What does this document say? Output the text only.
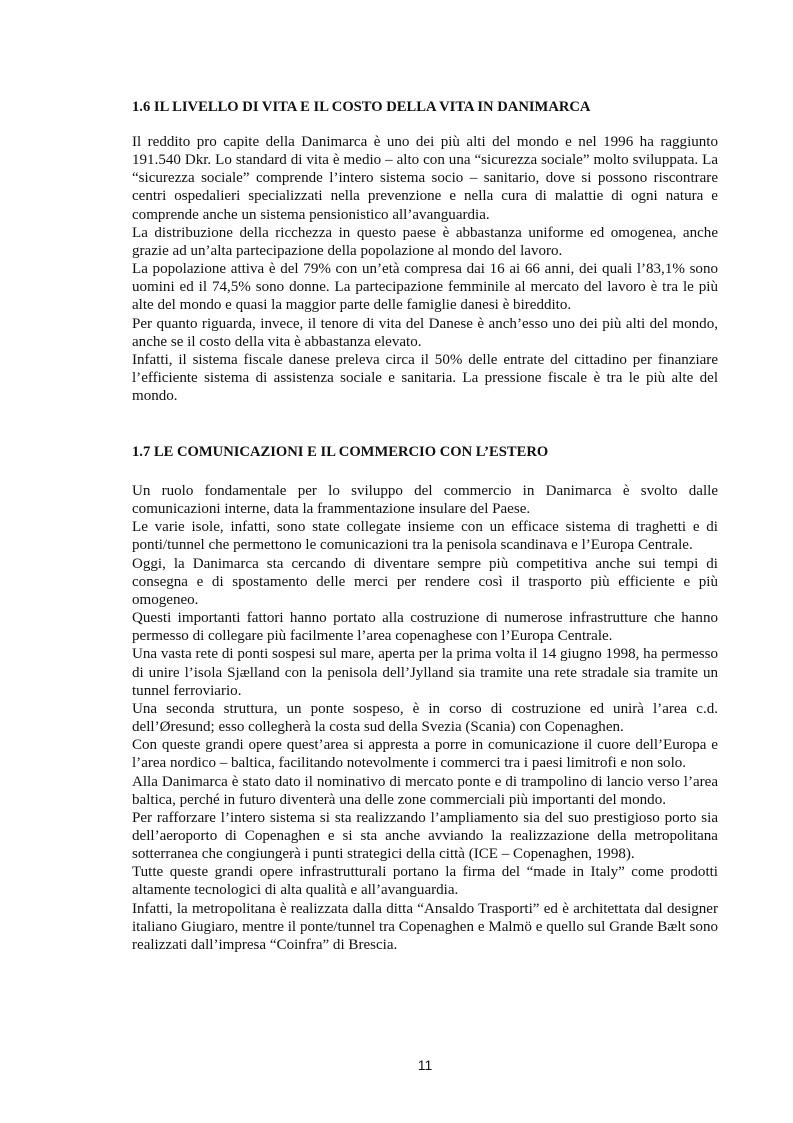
1.6 IL LIVELLO DI VITA E IL COSTO DELLA VITA IN DANIMARCA

Il reddito pro capite della Danimarca è uno dei più alti del mondo e nel 1996 ha raggiunto 191.540 Dkr. Lo standard di vita è medio – alto con una “sicurezza sociale” molto sviluppata. La “sicurezza sociale” comprende l’intero sistema socio – sanitario, dove si possono riscontrare centri ospedalieri specializzati nella prevenzione e nella cura di malattie di ogni natura e comprende anche un sistema pensionistico all’avanguardia.

La distribuzione della ricchezza in questo paese è abbastanza uniforme ed omogenea, anche grazie ad un’alta partecipazione della popolazione al mondo del lavoro.

La popolazione attiva è del 79% con un’età compresa dai 16 ai 66 anni, dei quali l’83,1% sono uomini ed il 74,5% sono donne. La partecipazione femminile al mercato del lavoro è tra le più alte del mondo e quasi la maggior parte delle famiglie danesi è bireddito.

Per quanto riguarda, invece, il tenore di vita del Danese è anch’esso uno dei più alti del mondo, anche se il costo della vita è abbastanza elevato.

Infatti, il sistema fiscale danese preleva circa il 50% delle entrate del cittadino per finanziare l’efficiente sistema di assistenza sociale e sanitaria. La pressione fiscale è tra le più alte del mondo.

1.7 LE COMUNICAZIONI E IL COMMERCIO CON L’ESTERO

Un ruolo fondamentale per lo sviluppo del commercio in Danimarca è svolto dalle comunicazioni interne, data la frammentazione insulare del Paese.

Le varie isole, infatti, sono state collegate insieme con un efficace sistema di traghetti e di ponti/tunnel che permettono le comunicazioni tra la penisola scandinava e l’Europa Centrale.

Oggi, la Danimarca sta cercando di diventare sempre più competitiva anche sui tempi di consegna e di spostamento delle merci per rendere così il trasporto più efficiente e più omogeneo.

Questi importanti fattori hanno portato alla costruzione di numerose infrastrutture che hanno permesso di collegare più facilmente l’area copenaghese con l’Europa Centrale.

Una vasta rete di ponti sospesi sul mare, aperta per la prima volta il 14 giugno 1998, ha permesso di unire l’isola Sjælland con la penisola dell’Jylland sia tramite una rete stradale sia tramite un tunnel ferroviario.

Una seconda struttura, un ponte sospeso, è in corso di costruzione ed unirà l’area c.d. dell’Øresund; esso collegherà la costa sud della Svezia (Scania) con Copenaghen.

Con queste grandi opere quest’area si appresta a porre in comunicazione il cuore dell’Europa e l’area nordico – baltica, facilitando notevolmente i commerci tra i paesi limitrofi e non solo.

Alla Danimarca è stato dato il nominativo di mercato ponte e di trampolino di lancio verso l’area baltica, perché in futuro diventerà una delle zone commerciali più importanti del mondo.

Per rafforzare l’intero sistema si sta realizzando l’ampliamento sia del suo prestigioso porto sia dell’aeroporto di Copenaghen e si sta anche avviando la realizzazione della metropolitana sotterranea che congiungerà i punti strategici della città (ICE – Copenaghen, 1998).

Tutte queste grandi opere infrastrutturali portano la firma del “made in Italy” come prodotti altamente tecnologici di alta qualità e all’avanguardia.

Infatti, la metropolitana è realizzata dalla ditta “Ansaldo Trasporti” ed è architettata dal designer italiano Giugiaro, mentre il ponte/tunnel tra Copenaghen e Malmö e quello sul Grande Bælt sono realizzati dall’impresa “Coinfra” di Brescia.

11
